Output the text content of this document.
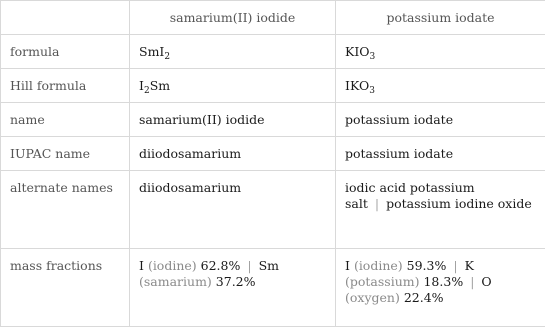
	samarium(II) iodide	potassium iodate
formula	SmI$_2$	$KIO_3$
Hill formula	$I_2Sm$	$IKO_3$
name	samarium(II) iodide	potassium iodate
IUPAC name	diiodosamarium	potassium iodate
alternate names	diiodosamarium	iodic acid potassium salt | potassium iodine oxide
mass fractions	I (iodine) 62.8% | Sm (samarium) 37.2%	I (iodine) 59.3% | K (potassium) 18.3% | O (oxygen) 22.4%
